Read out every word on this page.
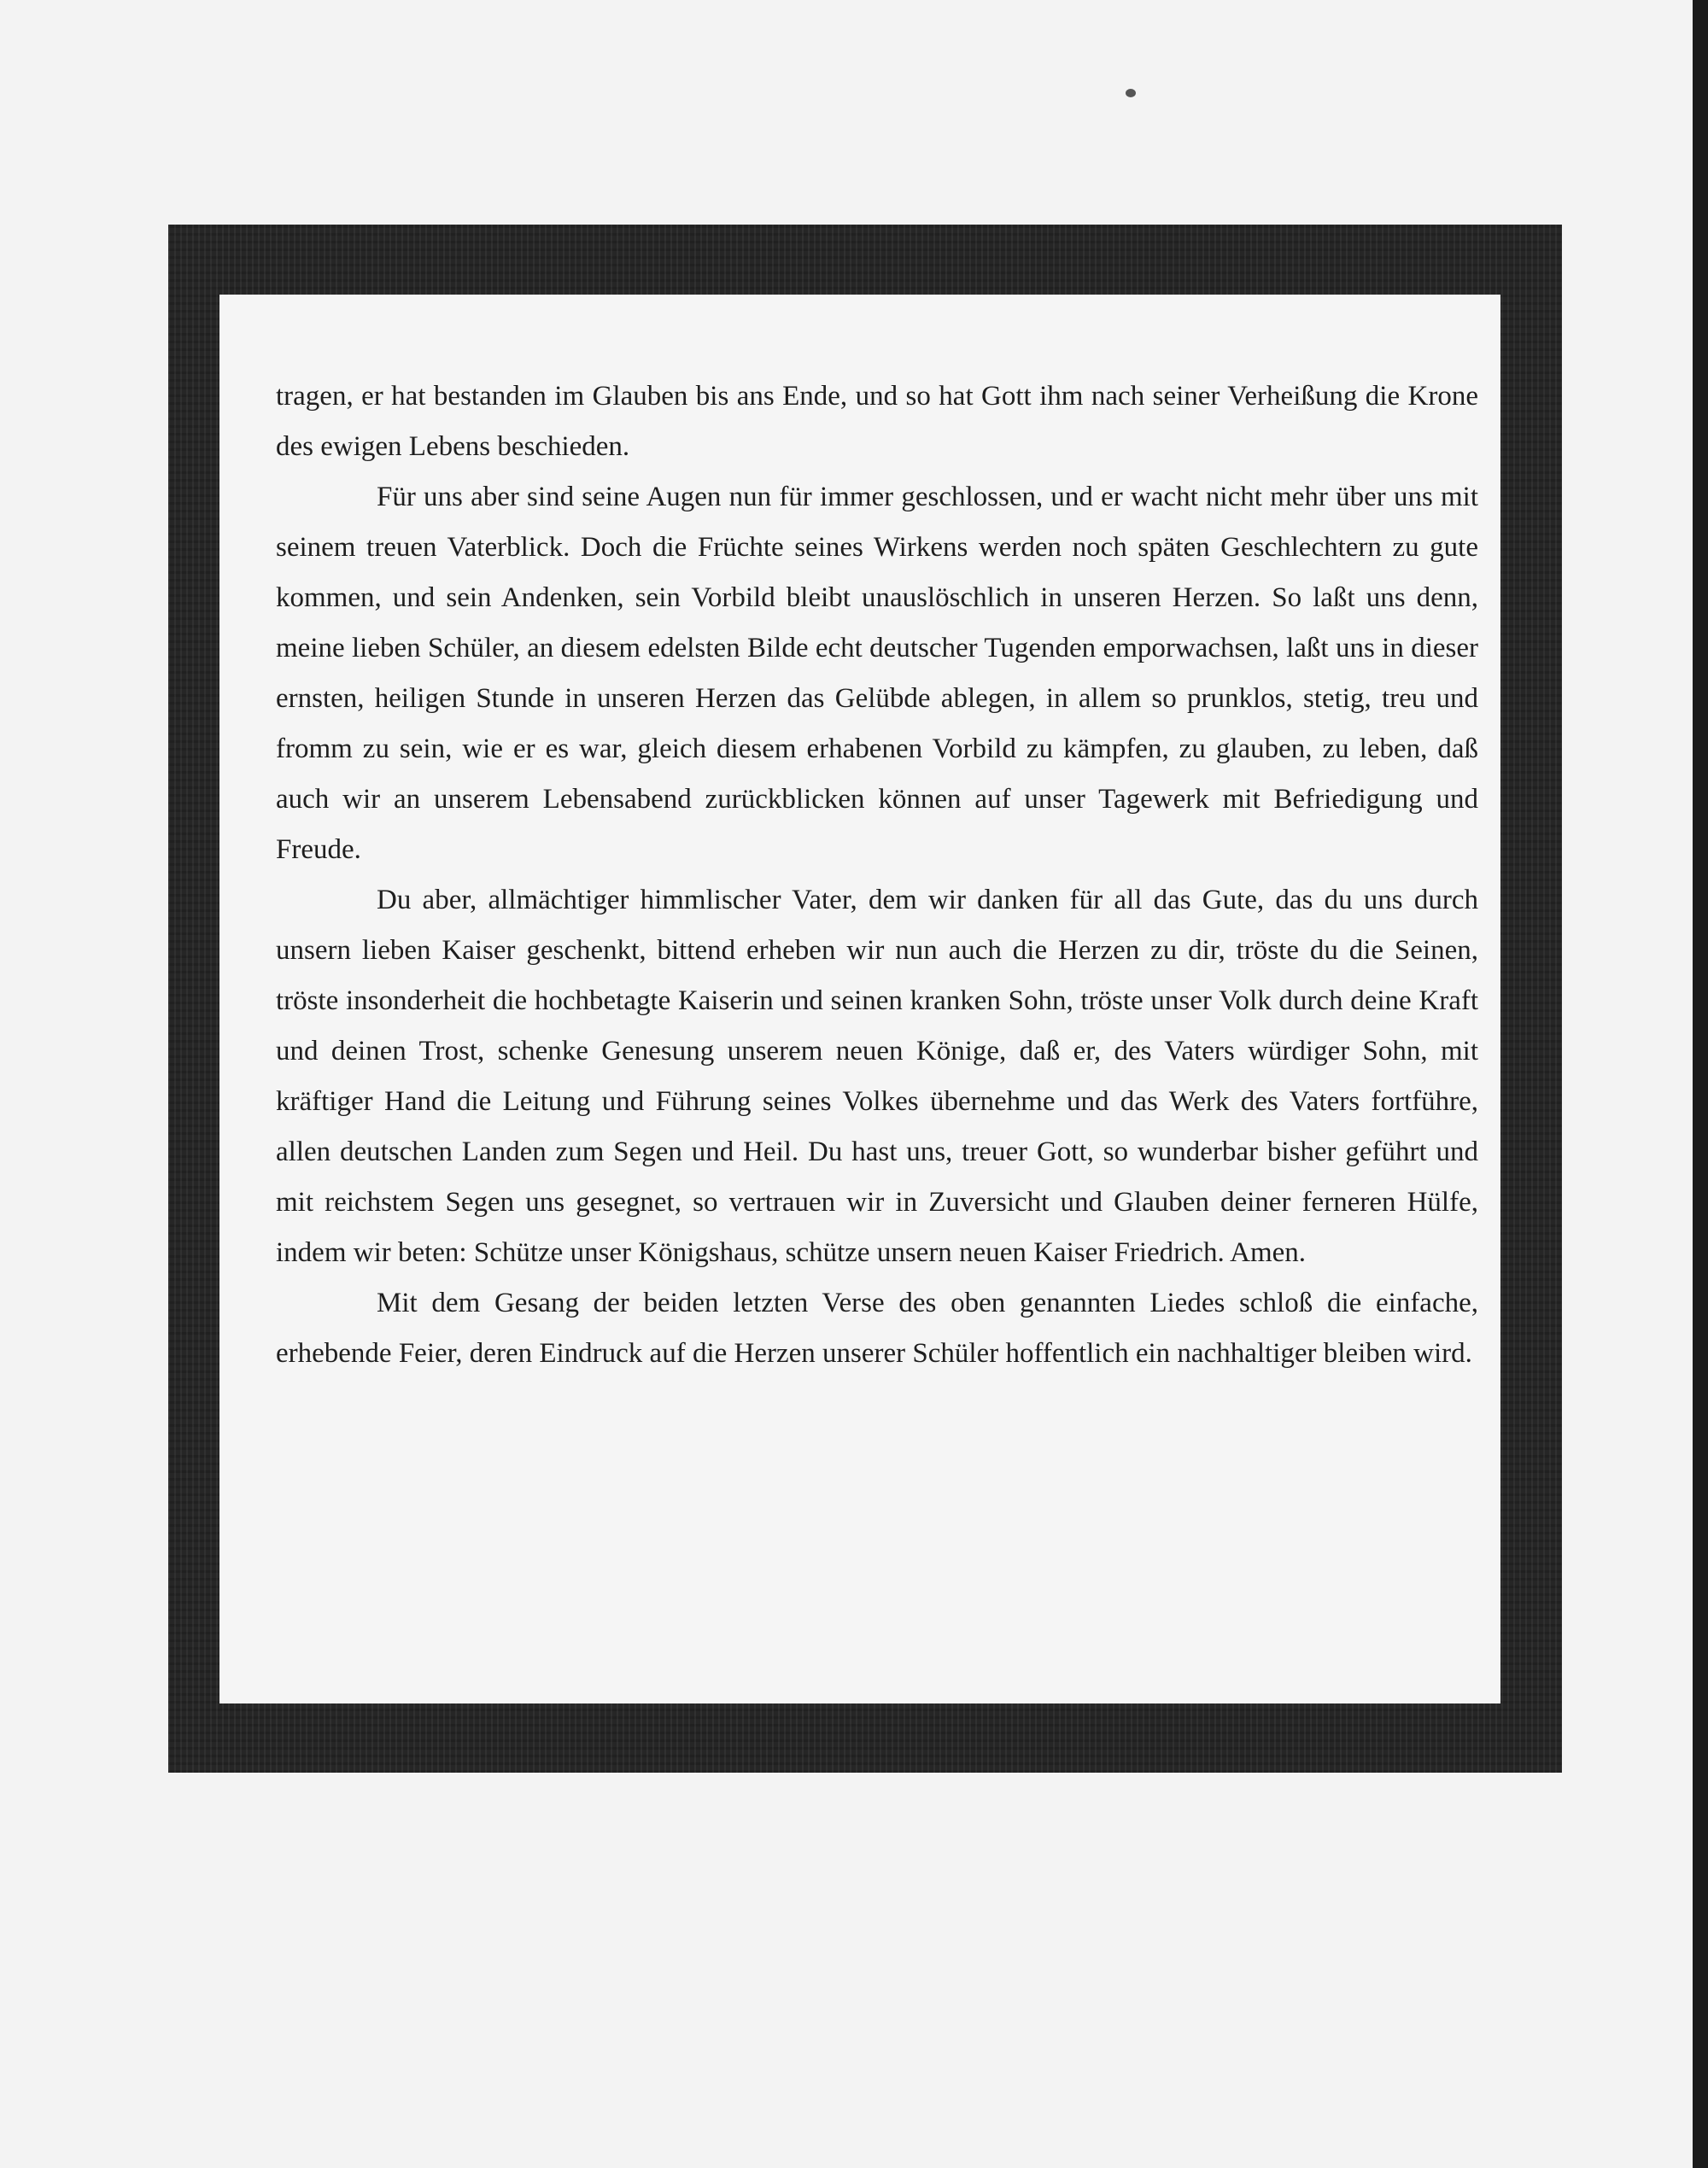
tragen, er hat bestanden im Glauben bis ans Ende, und so hat Gott ihm nach seiner Verheißung die Krone des ewigen Lebens beschieden.

Für uns aber sind seine Augen nun für immer geschlossen, und er wacht nicht mehr über uns mit seinem treuen Vaterblick. Doch die Früchte seines Wirkens werden noch späten Geschlechtern zu gute kommen, und sein Andenken, sein Vorbild bleibt unauslöschlich in unseren Herzen. So laßt uns denn, meine lieben Schüler, an diesem edelsten Bilde echt deutscher Tugenden emporwachsen, laßt uns in dieser ernsten, heiligen Stunde in unseren Herzen das Gelübde ablegen, in allem so prunklos, stetig, treu und fromm zu sein, wie er es war, gleich diesem erhabenen Vorbild zu kämpfen, zu glauben, zu leben, daß auch wir an unserem Lebensabend zurückblicken können auf unser Tagewerk mit Befriedigung und Freude.

Du aber, allmächtiger himmlischer Vater, dem wir danken für all das Gute, das du uns durch unsern lieben Kaiser geschenkt, bittend erheben wir nun auch die Herzen zu dir, tröste du die Seinen, tröste insonderheit die hochbetagte Kaiserin und seinen kranken Sohn, tröste unser Volk durch deine Kraft und deinen Trost, schenke Genesung unserem neuen Könige, daß er, des Vaters würdiger Sohn, mit kräftiger Hand die Leitung und Führung seines Volkes übernehme und das Werk des Vaters fortführe, allen deutschen Landen zum Segen und Heil. Du hast uns, treuer Gott, so wunderbar bisher geführt und mit reichstem Segen uns gesegnet, so vertrauen wir in Zuversicht und Glauben deiner ferneren Hülfe, indem wir beten: Schütze unser Königshaus, schütze unsern neuen Kaiser Friedrich. Amen.

Mit dem Gesang der beiden letzten Verse des oben genannten Liedes schloß die einfache, erhebende Feier, deren Eindruck auf die Herzen unserer Schüler hoffentlich ein nachhaltiger bleiben wird.
